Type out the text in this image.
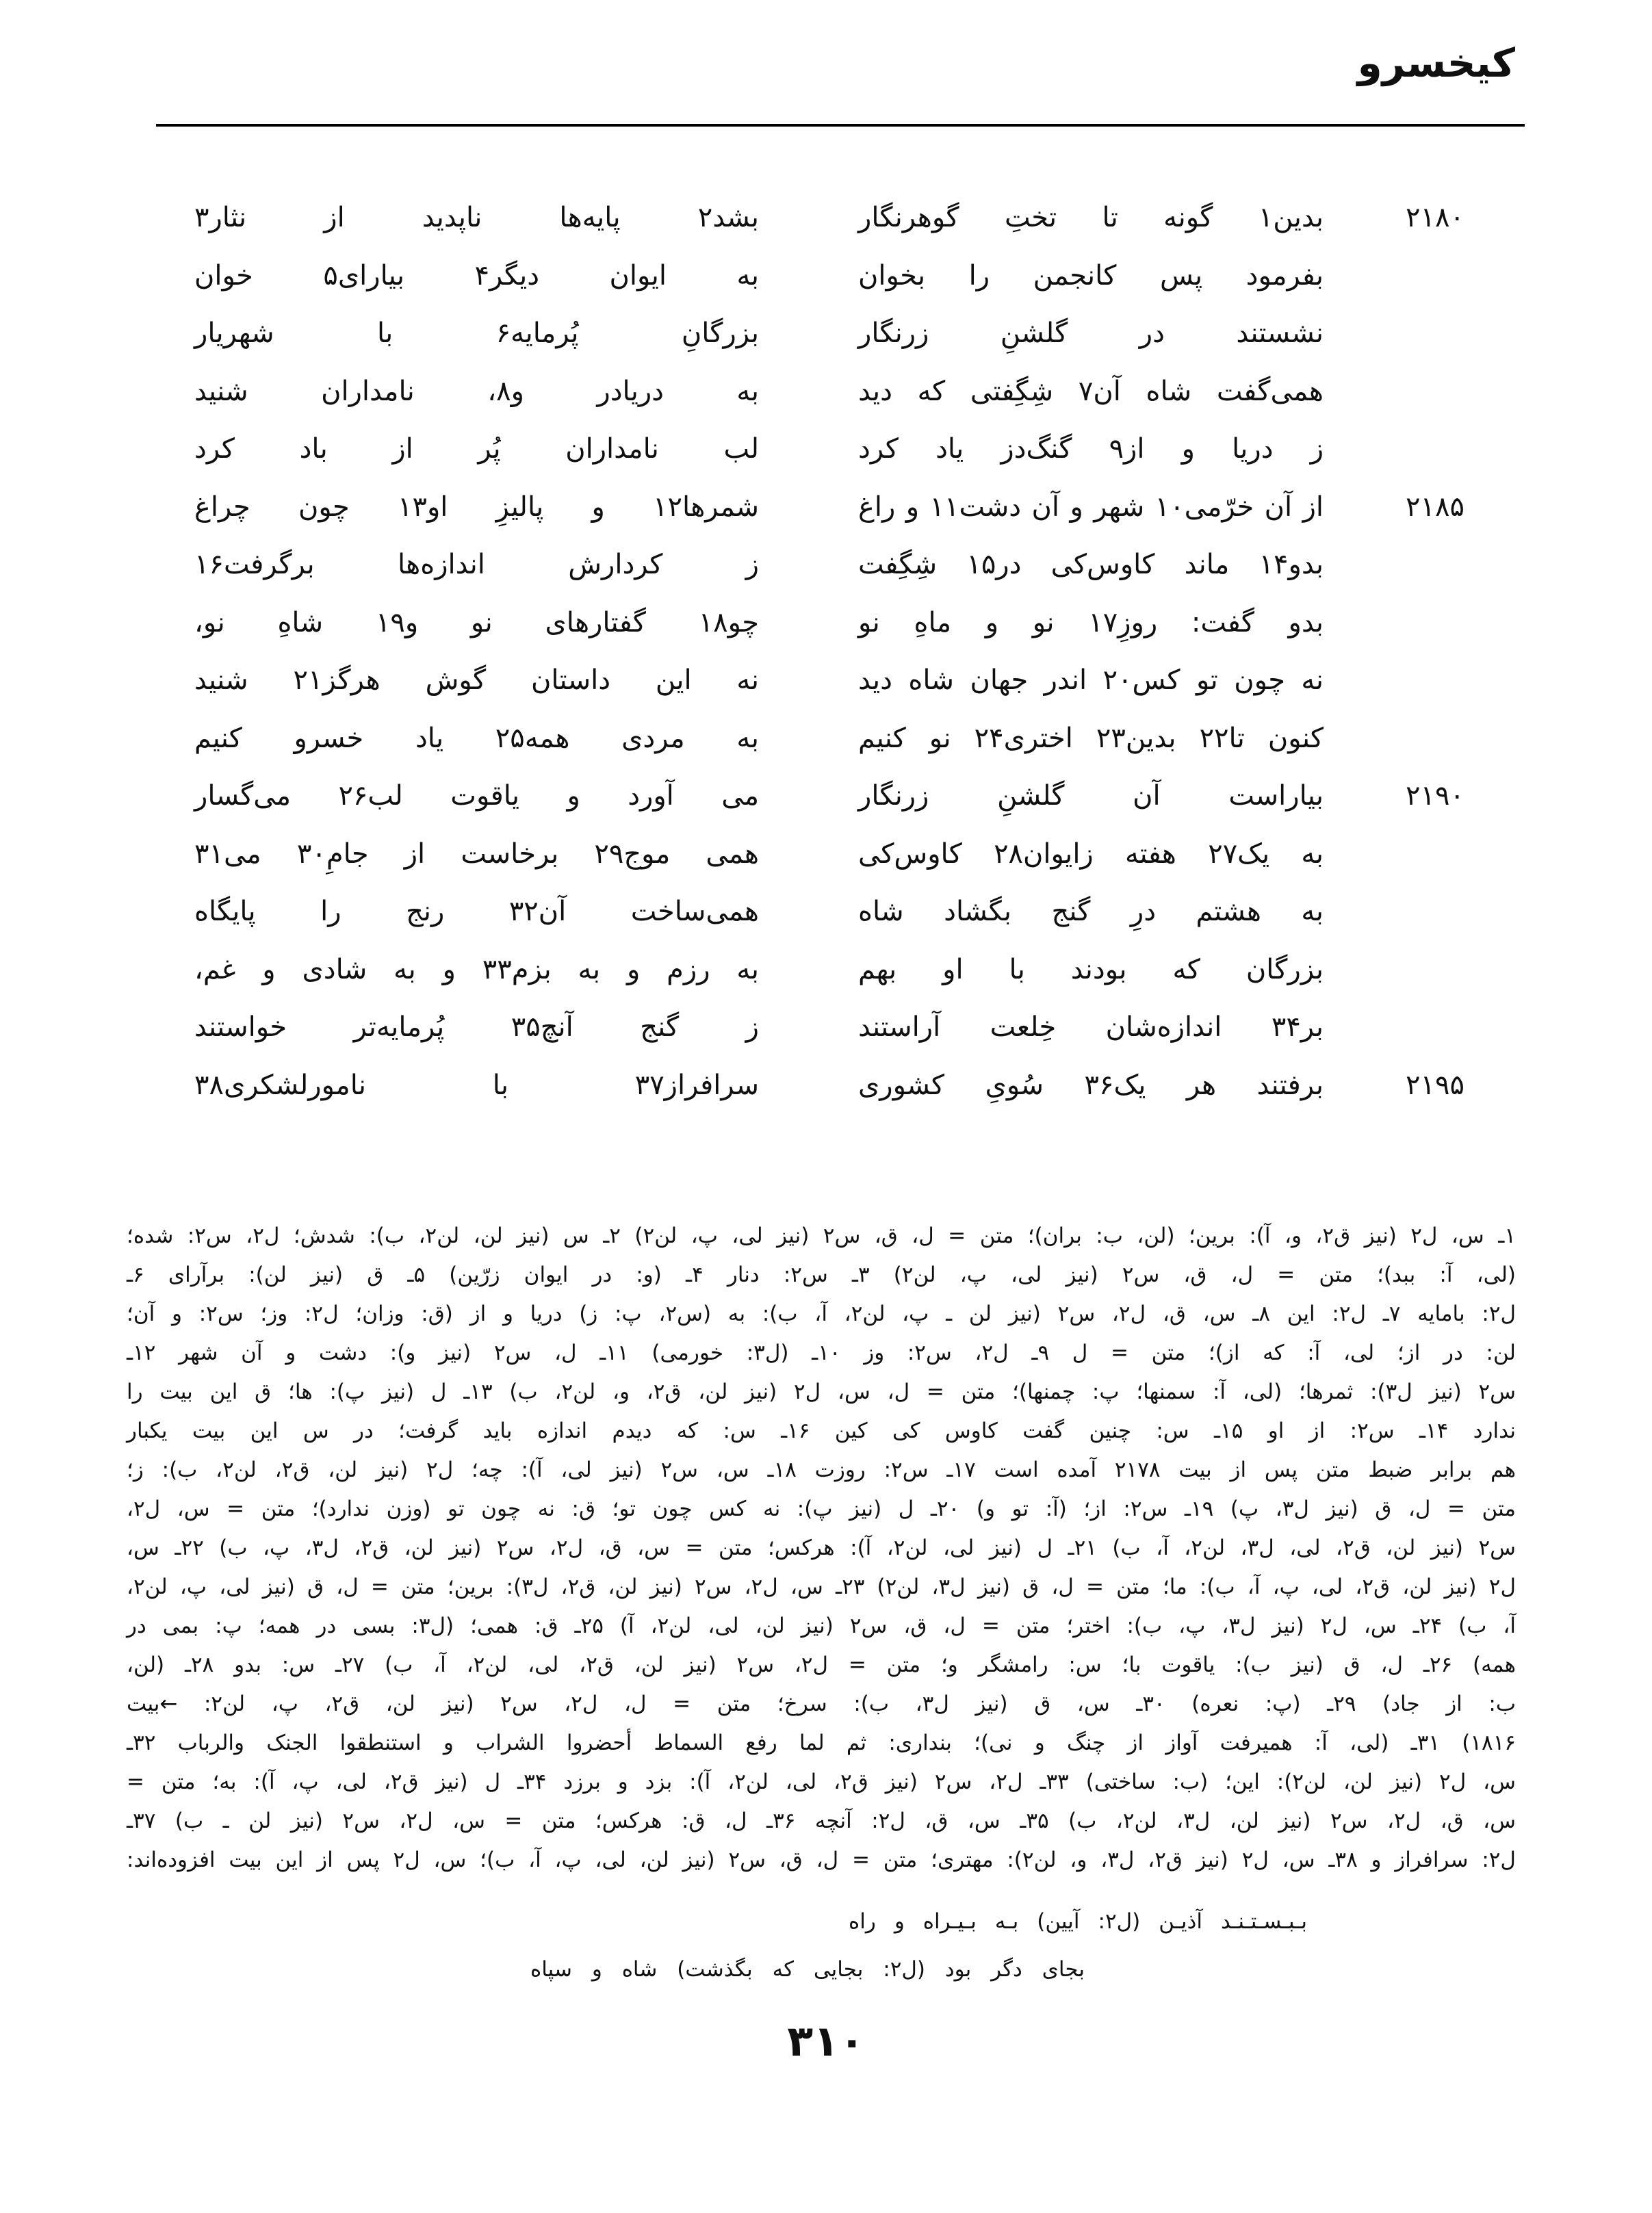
کیخسرو
۲۱۸۰
بدین۱ گونه تا تختِ گوهرنگار
بشد۲ پایه‌ها ناپدید از نثار۳
بفرمود پس کانجمن را بخوان
به ایوان دیگر۴ بیارای۵ خوان
نشستند در گلشنِ زرنگار
بزرگانِ پُرمایه۶ با شهریار
همی‌گفت شاه آن۷ شِگِفتی که دید
به دریادر و۸، نامداران شنید
ز دریا و از۹ گنگ‌دز یاد کرد
لب نامداران پُر از باد کرد
۲۱۸۵
از آن خرّمی۱۰ شهر و آن دشت۱۱ و راغ
شمرها۱۲ و پالیزِ او۱۳ چون چراغ
بدو۱۴ ماند کاوس‌کی در۱۵ شِگِفت
ز کردارش اندازه‌ها برگرفت۱۶
بدو گفت: روزِ۱۷ نو و ماهِ نو
چو۱۸ گفتارهای نو و۱۹ شاهِ نو،
نه چون تو کس۲۰ اندر جهان شاه دید
نه این داستان گوش هرگز۲۱ شنید
کنون تا۲۲ بدین۲۳ اختری۲۴ نو کنیم
به مردی همه۲۵ یاد خسرو کنیم
۲۱۹۰
بیاراست آن گلشنِ زرنگار
می آورد و یاقوت لب۲۶ می‌گسار
به یک۲۷ هفته زایوان۲۸ کاوس‌کی
همی موج۲۹ برخاست از جامِ۳۰ می۳۱
به هشتم درِ گنج بگشاد شاه
همی‌ساخت آن۳۲ رنج را پایگاه
بزرگان که بودند با او بهم
به رزم و به بزم۳۳ و به شادی و غم،
بر۳۴ اندازه‌شان خِلعت آراستند
ز گنج آنچ۳۵ پُرمایه‌تر خواستند
۲۱۹۵
برفتند هر یک۳۶ سُویِ کشوری
سرافراز۳۷ با نامورلشکری۳۸
۱ـ س، ل۲ (نیز ق۲، و، آ): برین؛ (لن، ب: بران)؛ متن = ل، ق، س۲ (نیز لی، پ، لن۲) ۲ـ س (نیز لن، لن۲، ب): شدش؛ ل۲، س۲: شده؛
(لی، آ: ببد)؛ متن = ل، ق، س۲ (نیز لی، پ، لن۲) ۳ـ س۲: دنار ۴ـ (و: در ایوان زرّین) ۵ـ ق (نیز لن): برآرای ۶ـ
ل۲: بامایه ۷ـ ل۲: این ۸ـ س، ق، ل۲، س۲ (نیز لن ـ پ، لن۲، آ، ب): به (س۲، پ: ز) دریا و از (ق: وزان؛ ل۲: وز؛ س۲: و آن؛
لن: در از؛ لی، آ: که از)؛ متن = ل ۹ـ ل۲، س۲: وز ۱۰ـ (ل۳: خورمی) ۱۱ـ ل، س۲ (نیز و): دشت و آن شهر ۱۲ـ
س۲ (نیز ل۳): ثمرها؛ (لی، آ: سمنها؛ پ: چمنها)؛ متن = ل، س، ل۲ (نیز لن، ق۲، و، لن۲، ب) ۱۳ـ ل (نیز پ): ها؛ ق این بیت را
ندارد ۱۴ـ س۲: از او ۱۵ـ س: چنین گفت کاوس کی کین ۱۶ـ س: که دیدم اندازه باید گرفت؛ در س این بیت یکبار
هم برابر ضبط متن پس از بیت ۲۱۷۸ آمده است ۱۷ـ س۲: روزت ۱۸ـ س، س۲ (نیز لی، آ): چه؛ ل۲ (نیز لن، ق۲، لن۲، ب): ز؛
متن = ل، ق (نیز ل۳، پ) ۱۹ـ س۲: از؛ (آ: تو و) ۲۰ـ ل (نیز پ): نه کس چون تو؛ ق: نه چون تو (وزن ندارد)؛ متن = س، ل۲،
س۲ (نیز لن، ق۲، لی، ل۳، لن۲، آ، ب) ۲۱ـ ل (نیز لی، لن۲، آ): هرکس؛ متن = س، ق، ل۲، س۲ (نیز لن، ق۲، ل۳، پ، ب) ۲۲ـ س،
ل۲ (نیز لن، ق۲، لی، پ، آ، ب): ما؛ متن = ل، ق (نیز ل۳، لن۲) ۲۳ـ س، ل۲، س۲ (نیز لن، ق۲، ل۳): برین؛ متن = ل، ق (نیز لی، پ، لن۲،
آ، ب) ۲۴ـ س، ل۲ (نیز ل۳، پ، ب): اختر؛ متن = ل، ق، س۲ (نیز لن، لی، لن۲، آ) ۲۵ـ ق: همی؛ (ل۳: بسی در همه؛ پ: بمی در
همه) ۲۶ـ ل، ق (نیز ب): یاقوت با؛ س: رامشگر و؛ متن = ل۲، س۲ (نیز لن، ق۲، لی، لن۲، آ، ب) ۲۷ـ س: بدو ۲۸ـ (لن،
ب: از جاد) ۲۹ـ (پ: نعره) ۳۰ـ س، ق (نیز ل۳، ب): سرخ؛ متن = ل، ل۲، س۲ (نیز لن، ق۲، پ، لن۲: ←بیت
۱۸۱۶) ۳۱ـ (لی، آ: همیرفت آواز از چنگ و نی)؛ بنداری: ثم لما رفع السماط أحضروا الشراب و استنطقوا الجنک والرباب ۳۲ـ
س، ل۲ (نیز لن، لن۲): این؛ (ب: ساختی) ۳۳ـ ل۲، س۲ (نیز ق۲، لی، لن۲، آ): بزد و برزد ۳۴ـ ل (نیز ق۲، لی، پ، آ): به؛ متن =
س، ق، ل۲، س۲ (نیز لن، ل۳، لن۲، ب) ۳۵ـ س، ق، ل۲: آنچه ۳۶ـ ل، ق: هرکس؛ متن = س، ل۲، س۲ (نیز لن ـ ب) ۳۷ـ
ل۲: سرافراز و ۳۸ـ س، ل۲ (نیز ق۲، ل۳، و، لن۲): مهتری؛ متن = ل، ق، س۲ (نیز لن، لی، پ، آ، ب)؛ س، ل۲ پس از این بیت افزوده‌اند:
بـبـسـتـنـد آذیـن (ل۲: آیین) بـه بـیـراه و راه
بجای دگر بود (ل۲: بجایی که بگذشت) شاه و سپاه
۳۱۰
